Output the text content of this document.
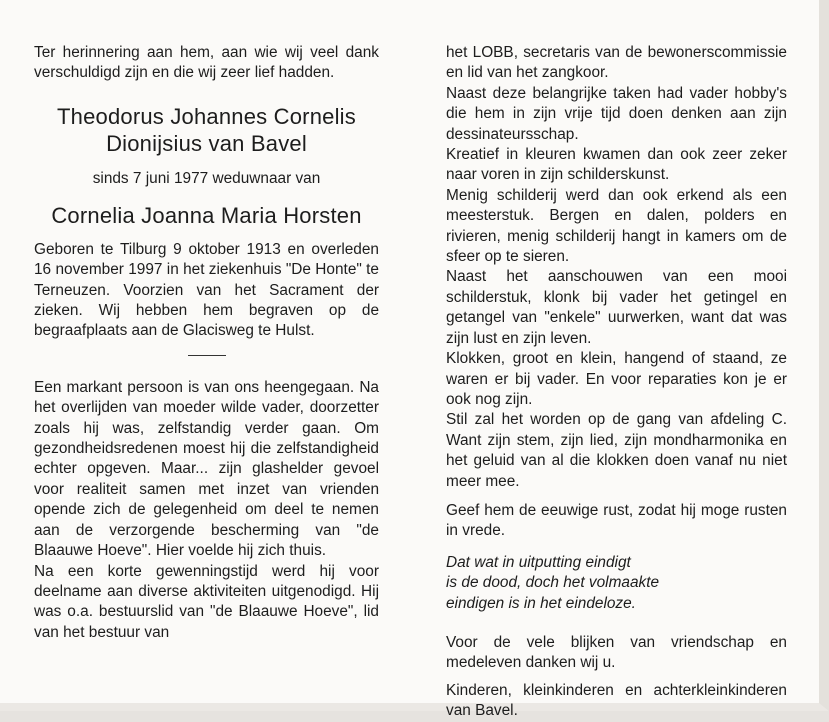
Ter herinnering aan hem, aan wie wij veel dank verschuldigd zijn en die wij zeer lief hadden.

Theodorus Johannes Cornelis

Dionijsius van Bavel

sinds 7 juni 1977 weduwnaar van

Cornelia Joanna Maria Horsten

Geboren te Tilburg 9 oktober 1913 en overleden 16 november 1997 in het ziekenhuis "De Honte" te Terneuzen. Voorzien van het Sacrament der zieken. Wij hebben hem begraven op de begraafplaats aan de Glacisweg te Hulst.

Een markant persoon is van ons heengegaan. Na het overlijden van moeder wilde vader, doorzetter zoals hij was, zelfstandig verder gaan. Om gezondheidsredenen moest hij die zelfstandigheid echter opgeven. Maar... zijn glashelder gevoel voor realiteit samen met inzet van vrienden opende zich de gelegenheid om deel te nemen aan de verzorgende bescherming van "de Blaauwe Hoeve". Hier voelde hij zich thuis.

Na een korte gewenningstijd werd hij voor deelname aan diverse aktiviteiten uitgenodigd. Hij was o.a. bestuurslid van "de Blaauwe Hoeve", lid van het bestuur van

het LOBB, secretaris van de bewonerscommissie en lid van het zangkoor.

Naast deze belangrijke taken had vader hobby's die hem in zijn vrije tijd doen denken aan zijn dessinateursschap.

Kreatief in kleuren kwamen dan ook zeer zeker naar voren in zijn schilderskunst.

Menig schilderij werd dan ook erkend als een meesterstuk. Bergen en dalen, polders en rivieren, menig schilderij hangt in kamers om de sfeer op te sieren.

Naast het aanschouwen van een mooi schilderstuk, klonk bij vader het getingel en getangel van "enkele" uurwerken, want dat was zijn lust en zijn leven.

Klokken, groot en klein, hangend of staand, ze waren er bij vader. En voor reparaties kon je er ook nog zijn.

Stil zal het worden op de gang van afdeling C. Want zijn stem, zijn lied, zijn mondharmonika en het geluid van al die klokken doen vanaf nu niet meer mee.

Geef hem de eeuwige rust, zodat hij moge rusten in vrede.

Dat wat in uitputting eindigt

is de dood, doch het volmaakte

eindigen is in het eindeloze.

Voor de vele blijken van vriendschap en medeleven danken wij u.

Kinderen, kleinkinderen en achterkleinkinderen van Bavel.
